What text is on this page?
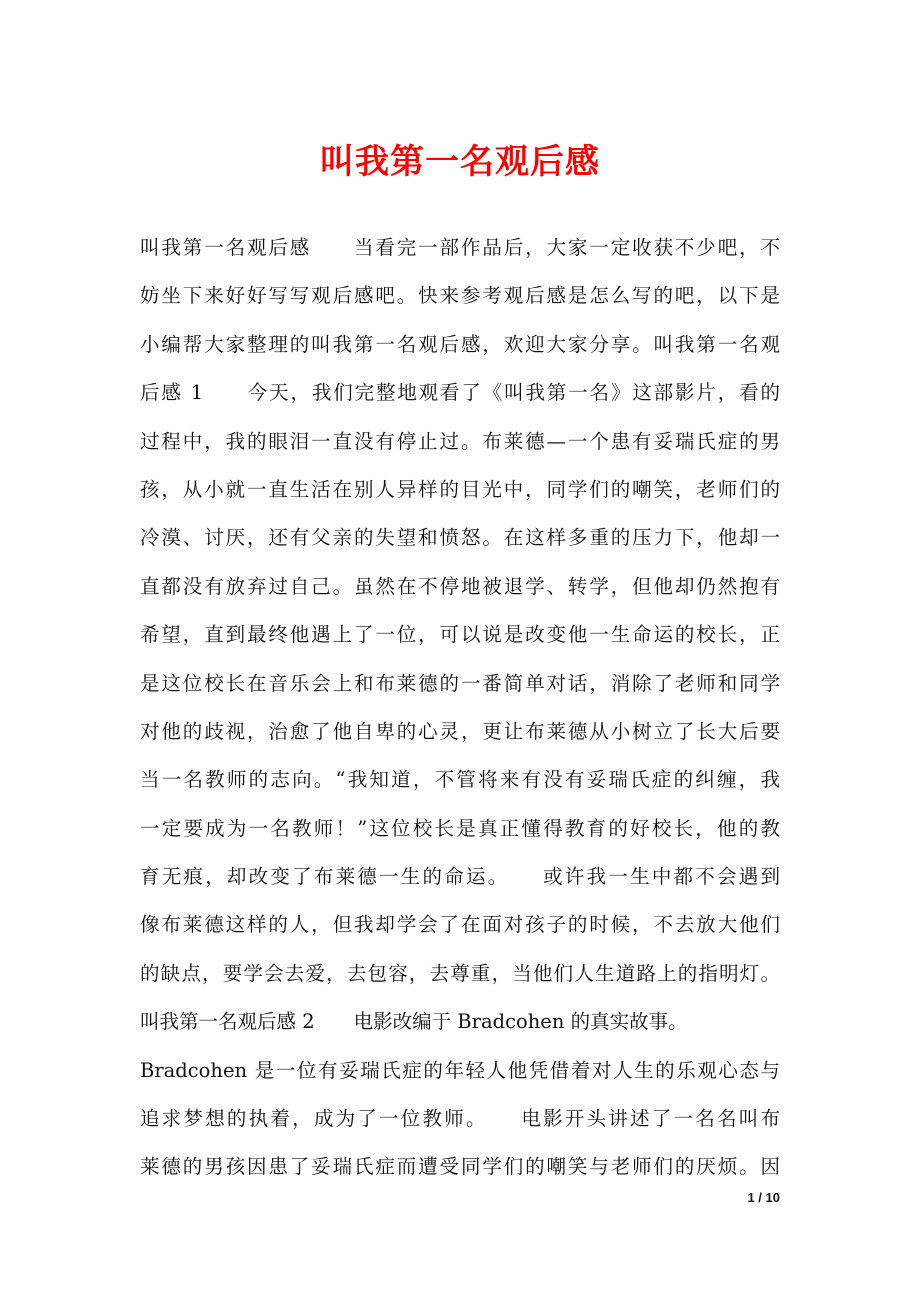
叫我第一名观后感
叫我第一名观后感　　当看完一部作品后，大家一定收获不少吧，不
妨坐下来好好写写观后感吧。快来参考观后感是怎么写的吧，以下是
小编帮大家整理的叫我第一名观后感，欢迎大家分享。叫我第一名观
后感 1　　今天，我们完整地观看了《叫我第一名》这部影片，看的
过程中，我的眼泪一直没有停止过。布莱德—一个患有妥瑞氏症的男
孩，从小就一直生活在别人异样的目光中，同学们的嘲笑，老师们的
冷漠、讨厌，还有父亲的失望和愤怒。在这样多重的压力下，他却一
直都没有放弃过自己。虽然在不停地被退学、转学，但他却仍然抱有
希望，直到最终他遇上了一位，可以说是改变他一生命运的校长，正
是这位校长在音乐会上和布莱德的一番简单对话，消除了老师和同学
对他的歧视，治愈了他自卑的心灵，更让布莱德从小树立了长大后要
当一名教师的志向。“我知道，不管将来有没有妥瑞氏症的纠缠，我
一定要成为一名教师！”这位校长是真正懂得教育的好校长，他的教
育无痕，却改变了布莱德一生的命运。　　或许我一生中都不会遇到
像布莱德这样的人，但我却学会了在面对孩子的时候，不去放大他们
的缺点，要学会去爱，去包容，去尊重，当他们人生道路上的指明灯。
叫我第一名观后感 2　　电影改编于 Bradcohen 的真实故事。
Bradcohen 是一位有妥瑞氏症的年轻人他凭借着对人生的乐观心态与
追求梦想的执着，成为了一位教师。　　电影开头讲述了一名名叫布
莱德的男孩因患了妥瑞氏症而遭受同学们的嘲笑与老师们的厌烦。因
1 / 10
